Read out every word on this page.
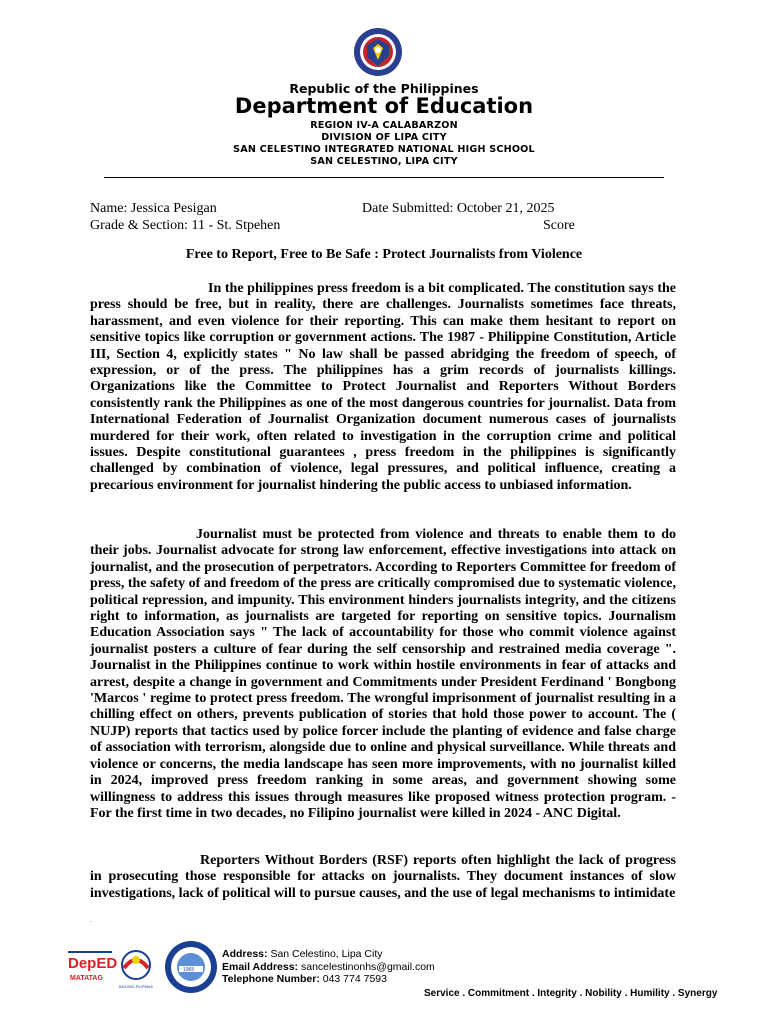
Republic of the Philippines
Department of Education
REGION IV-A CALABARZON
DIVISION OF LIPA CITY
SAN CELESTINO INTEGRATED NATIONAL HIGH SCHOOL
SAN CELESTINO, LIPA CITY
Name: Jessica Pesigan	Date Submitted: October 21, 2025
Grade & Section: 11 - St. Stpehen	Score
Free to Report, Free to Be Safe : Protect Journalists from Violence

In the philippines press freedom is a bit complicated. The constitution says the press should be free, but in reality, there are challenges. Journalists sometimes face threats, harassment, and even violence for their reporting. This can make them hesitant to report on sensitive topics like corruption or government actions. The 1987 - Philippine Constitution, Article III, Section 4, explicitly states " No law shall be passed abridging the freedom of speech, of expression, or of the press. The philippines has a grim records of journalists killings. Organizations like the Committee to Protect Journalist and Reporters Without Borders consistently rank the Philippines as one of the most dangerous countries for journalist. Data from International Federation of Journalist Organization document numerous cases of journalists murdered for their work, often related to investigation in the corruption crime and political issues. Despite constitutional guarantees , press freedom in the philippines is significantly challenged by combination of violence, legal pressures, and political influence, creating a precarious environment for journalist hindering the public access to unbiased information.

Journalist must be protected from violence and threats to enable them to do their jobs. Journalist advocate for strong law enforcement, effective investigations into attack on journalist, and the prosecution of perpetrators. According to Reporters Committee for freedom of press, the safety of and freedom of the press are critically compromised due to systematic violence, political repression, and impunity. This environment hinders journalists integrity, and the citizens right to information, as journalists are targeted for reporting on sensitive topics. Journalism Education Association says " The lack of accountability for those who commit violence against journalist posters a culture of fear during the self censorship and restrained media coverage ". Journalist in the Philippines continue to work within hostile environments in fear of attacks and arrest, despite a change in government and Commitments under President Ferdinand ' Bongbong 'Marcos ' regime to protect press freedom. The wrongful imprisonment of journalist resulting in a chilling effect on others, prevents publication of stories that hold those power to account. The ( NUJP) reports that tactics used by police forcer include the planting of evidence and false charge of association with terrorism, alongside due to online and physical surveillance. While threats and violence or concerns, the media landscape has seen more improvements, with no journalist killed in 2024, improved press freedom ranking in some areas, and government showing some willingness to address this issues through measures like proposed witness protection program. - For the first time in two decades, no Filipino journalist were killed in 2024 - ANC Digital.

Reporters Without Borders (RSF) reports often highlight the lack of progress in prosecuting those responsible for attacks on journalists. They document instances of slow investigations, lack of political will to pursue causes, and the use of legal mechanisms to intimidate

.
DepED
MATATAG
BAGONG PILIPINAS
1965
Address: San Celestino, Lipa City
Email Address: sancelestinonhs@gmail.com
Telephone Number: 043 774 7593
Service . Commitment . Integrity . Nobility . Humility . Synergy
